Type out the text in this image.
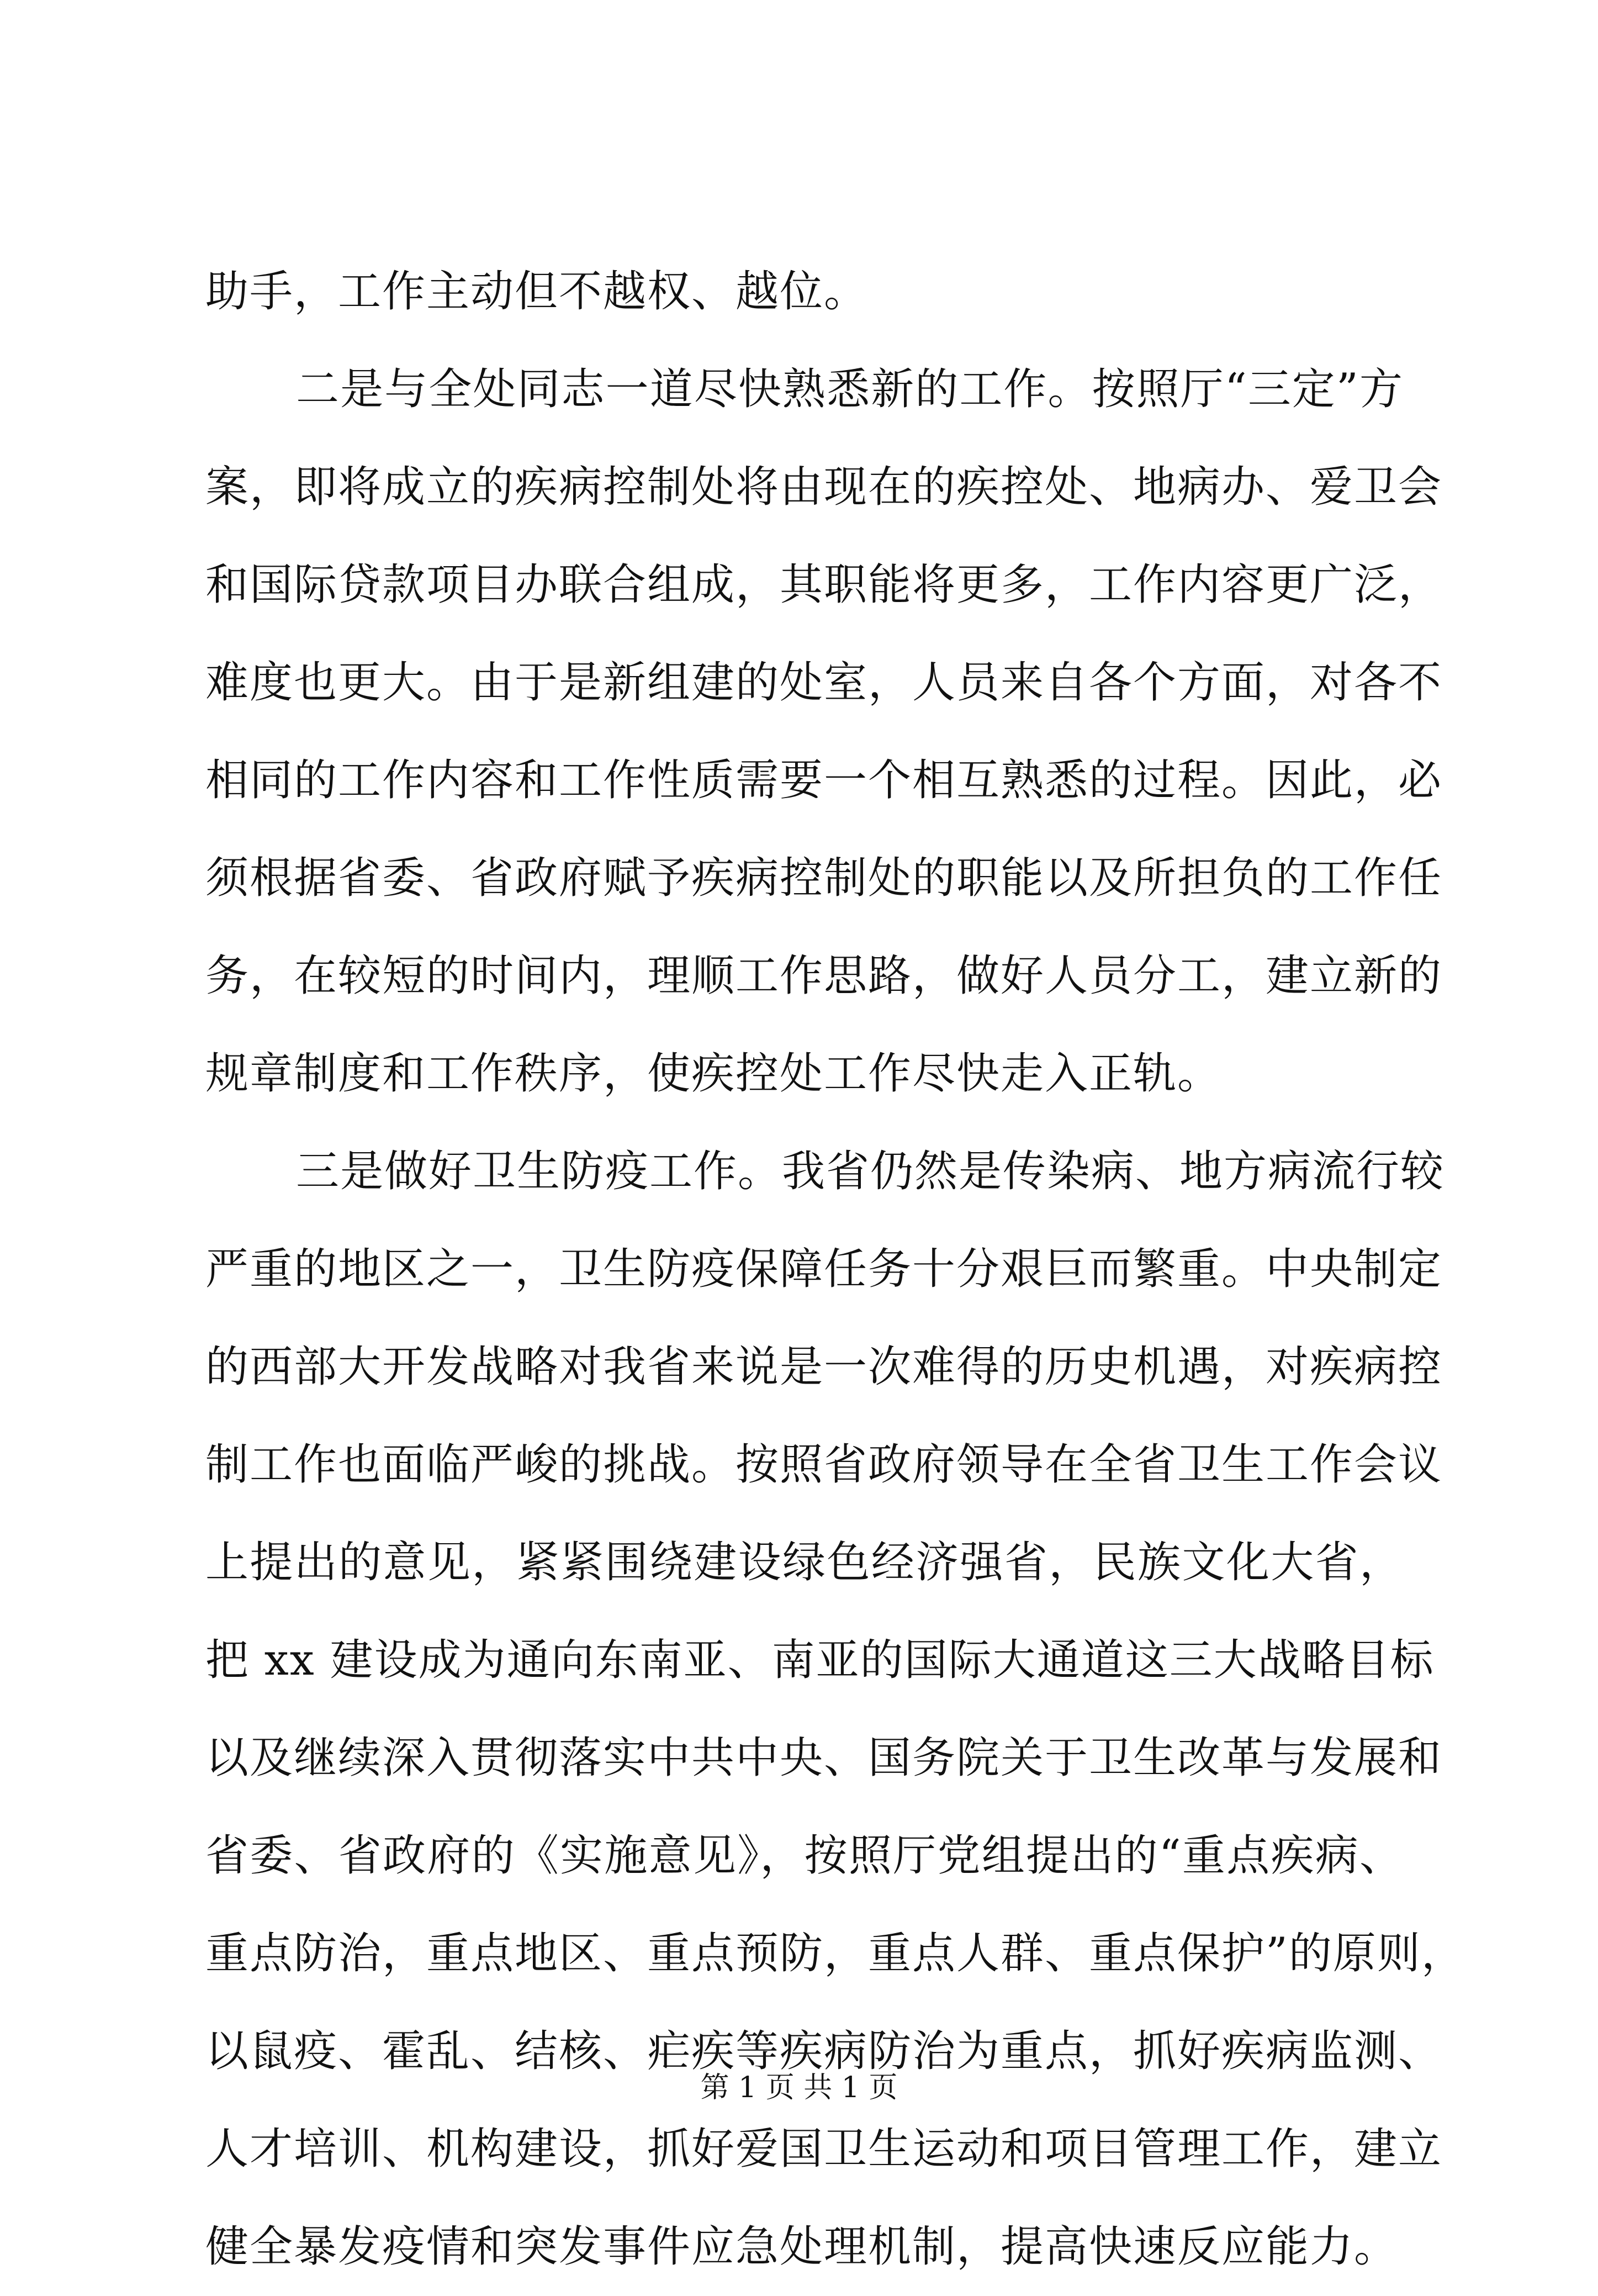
助手，工作主动但不越权、越位。
二是与全处同志一道尽快熟悉新的工作。按照厅“三定”方
案，即将成立的疾病控制处将由现在的疾控处、地病办、爱卫会
和国际贷款项目办联合组成，其职能将更多，工作内容更广泛，
难度也更大。由于是新组建的处室，人员来自各个方面，对各不
相同的工作内容和工作性质需要一个相互熟悉的过程。因此，必
须根据省委、省政府赋予疾病控制处的职能以及所担负的工作任
务，在较短的时间内，理顺工作思路，做好人员分工，建立新的
规章制度和工作秩序，使疾控处工作尽快走入正轨。
三是做好卫生防疫工作。我省仍然是传染病、地方病流行较
严重的地区之一，卫生防疫保障任务十分艰巨而繁重。中央制定
的西部大开发战略对我省来说是一次难得的历史机遇，对疾病控
制工作也面临严峻的挑战。按照省政府领导在全省卫生工作会议
上提出的意见，紧紧围绕建设绿色经济强省，民族文化大省，
把 xx 建设成为通向东南亚、南亚的国际大通道这三大战略目标
以及继续深入贯彻落实中共中央、国务院关于卫生改革与发展和
省委、省政府的《实施意见》，按照厅党组提出的“重点疾病、
重点防治，重点地区、重点预防，重点人群、重点保护”的原则，
以鼠疫、霍乱、结核、疟疾等疾病防治为重点，抓好疾病监测、
人才培训、机构建设，抓好爱国卫生运动和项目管理工作，建立
健全暴发疫情和突发事件应急处理机制，提高快速反应能力。
第 1 页 共 1 页
